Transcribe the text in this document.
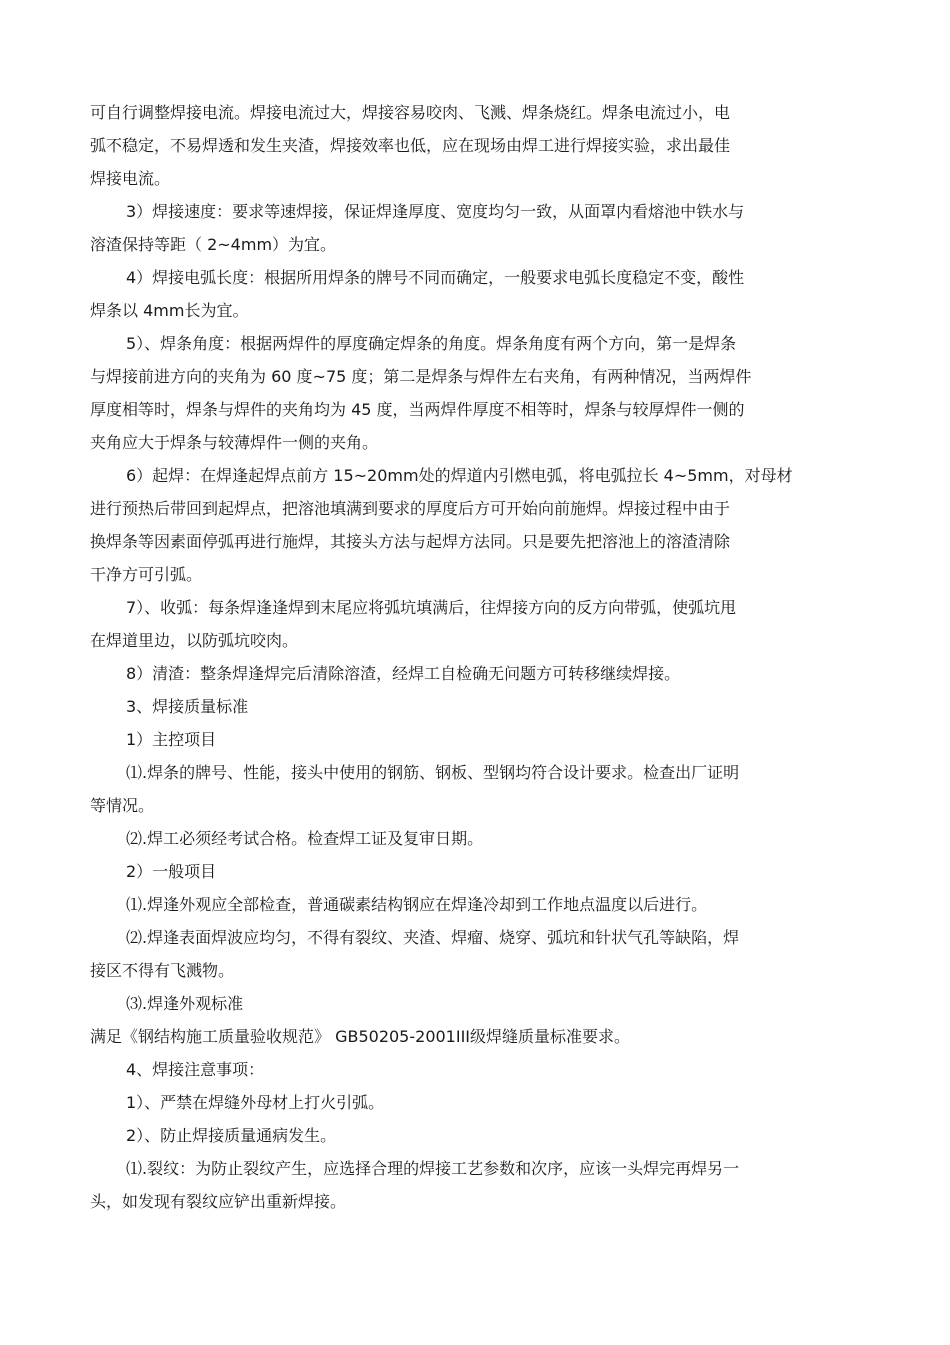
可自行调整焊接电流。焊接电流过大，焊接容易咬肉、飞溅、焊条烧红。焊条电流过小，电
弧不稳定，不易焊透和发生夹渣，焊接效率也低，应在现场由焊工进行焊接实验，求出最佳
焊接电流。
3）焊接速度：要求等速焊接，保证焊逢厚度、宽度均匀一致，从面罩内看熔池中铁水与
溶渣保持等距（ 2~4mm）为宜。
4）焊接电弧长度：根据所用焊条的牌号不同而确定，一般要求电弧长度稳定不变，酸性
焊条以 4mm长为宜。
5）、焊条角度：根据两焊件的厚度确定焊条的角度。焊条角度有两个方向，第一是焊条
与焊接前进方向的夹角为 60 度~75 度；第二是焊条与焊件左右夹角，有两种情况，当两焊件
厚度相等时，焊条与焊件的夹角均为 45 度，当两焊件厚度不相等时，焊条与较厚焊件一侧的
夹角应大于焊条与较薄焊件一侧的夹角。
6）起焊：在焊逢起焊点前方 15~20mm处的焊道内引燃电弧，将电弧拉长 4~5mm，对母材
进行预热后带回到起焊点，把溶池填满到要求的厚度后方可开始向前施焊。焊接过程中由于
换焊条等因素面停弧再进行施焊，其接头方法与起焊方法同。只是要先把溶池上的溶渣清除
干净方可引弧。
7）、收弧：每条焊逢逢焊到末尾应将弧坑填满后，往焊接方向的反方向带弧，使弧坑甩
在焊道里边，以防弧坑咬肉。
8）清渣：整条焊逢焊完后清除溶渣，经焊工自检确无问题方可转移继续焊接。
3、焊接质量标准
1）主控项目
⑴.焊条的牌号、性能，接头中使用的钢筋、钢板、型钢均符合设计要求。检查出厂证明
等情况。
⑵.焊工必须经考试合格。检查焊工证及复审日期。
2）一般项目
⑴.焊逢外观应全部检查，普通碳素结构钢应在焊逢冷却到工作地点温度以后进行。
⑵.焊逢表面焊波应均匀，不得有裂纹、夹渣、焊瘤、烧穿、弧坑和针状气孔等缺陷，焊
接区不得有飞溅物。
⑶.焊逢外观标准
满足《钢结构施工质量验收规范》 GB50205-2001III级焊缝质量标准要求。
4、焊接注意事项：
1）、严禁在焊缝外母材上打火引弧。
2）、防止焊接质量通病发生。
⑴.裂纹：为防止裂纹产生，应选择合理的焊接工艺参数和次序，应该一头焊完再焊另一
头，如发现有裂纹应铲出重新焊接。
